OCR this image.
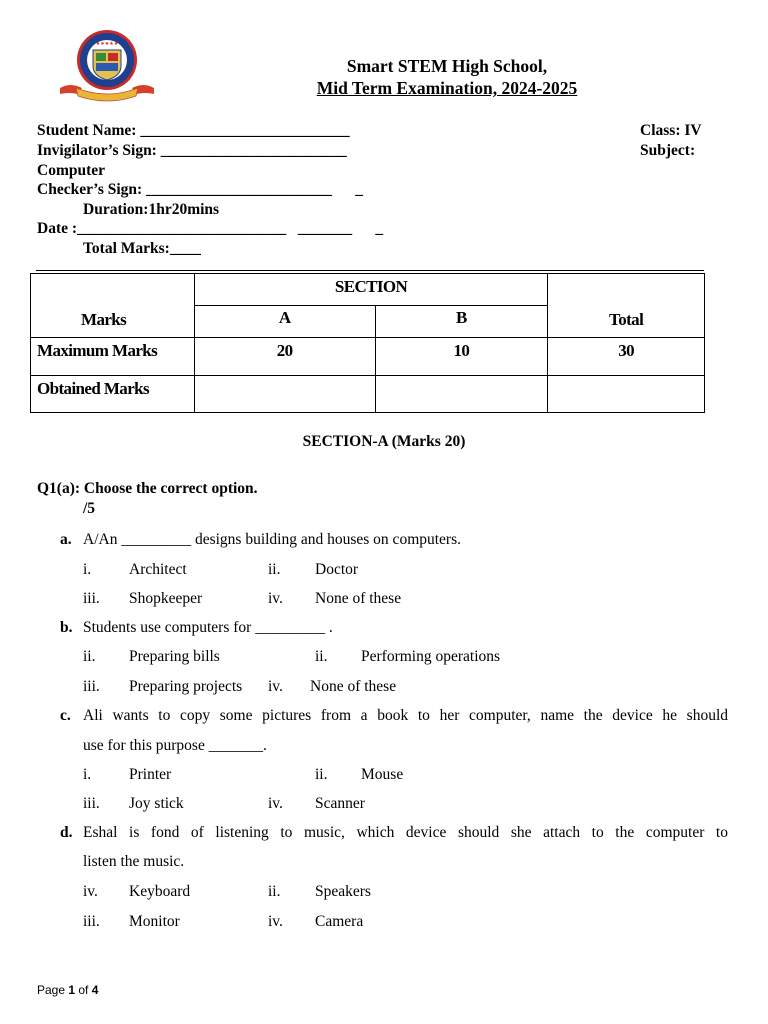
★★★★★
Smart STEM High School,
Mid Term Examination, 2024-2025
Student Name: ___________________________	Class: IV
Invigilator’s Sign: ________________________	Subject:
Computer
Checker’s Sign: ________________________      _
Duration:1hr20mins
Date :___________________________   _______      _
Total Marks:____
Marks	SECTION		Total
	A	B	
Maximum Marks	20	10	30
Obtained Marks			
SECTION-A (Marks 20)
Q1(a): Choose the correct option.
/5
a. A/An _________ designs building and houses on computers.
i. Architect	ii. Doctor
iii. Shopkeeper	iv. None of these
b. Students use computers for _________ .
ii. Preparing bills	ii. Performing operations
iii. Preparing projects iv. None of these
c. Ali wants to copy some pictures from a book to her computer, name the device he should
use for this purpose _______.
i. Printer	ii. Mouse
iii. Joy stick	iv. Scanner
d. Eshal is fond of listening to music, which device should she attach to the computer to
listen the music.
iv. Keyboard	ii. Speakers
iii. Monitor	iv. Camera
Page 1 of 4
